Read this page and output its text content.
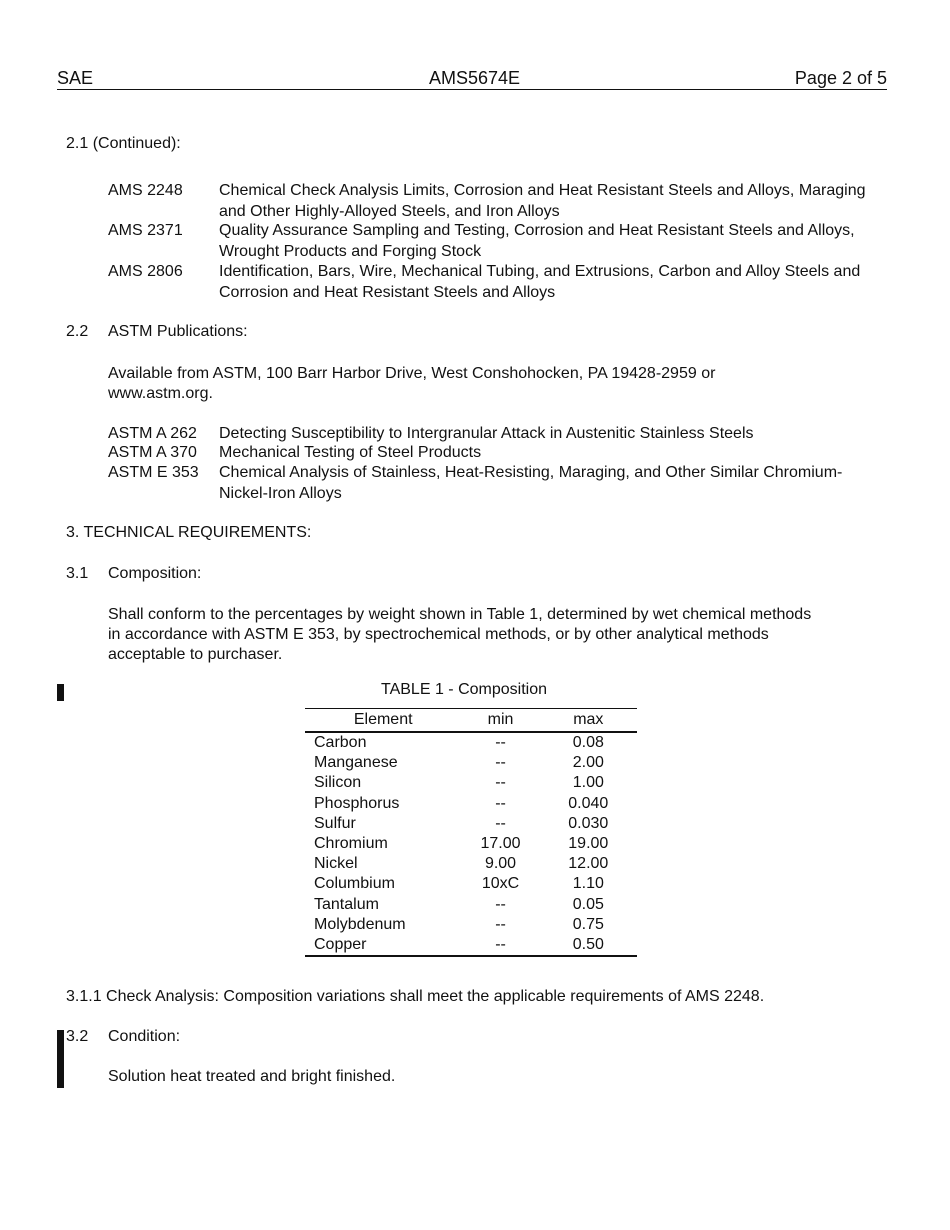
SAE	AMS5674E	Page 2 of 5
2.1 (Continued):
AMS 2248 Chemical Check Analysis Limits, Corrosion and Heat Resistant Steels and Alloys, Maraging and Other Highly-Alloyed Steels, and Iron Alloys
AMS 2371 Quality Assurance Sampling and Testing, Corrosion and Heat Resistant Steels and Alloys, Wrought Products and Forging Stock
AMS 2806 Identification, Bars, Wire, Mechanical Tubing, and Extrusions, Carbon and Alloy Steels and Corrosion and Heat Resistant Steels and Alloys
2.2 ASTM Publications:
Available from ASTM, 100 Barr Harbor Drive, West Conshohocken, PA 19428-2959 or
www.astm.org.
ASTM A 262 Detecting Susceptibility to Intergranular Attack in Austenitic Stainless Steels
ASTM A 370 Mechanical Testing of Steel Products
ASTM E 353 Chemical Analysis of Stainless, Heat-Resisting, Maraging, and Other Similar Chromium-Nickel-Iron Alloys
3. TECHNICAL REQUIREMENTS:
3.1 Composition:
Shall conform to the percentages by weight shown in Table 1, determined by wet chemical methods
in accordance with ASTM E 353, by spectrochemical methods, or by other analytical methods
acceptable to purchaser.
TABLE 1 - Composition
Element	min	max
Carbon	--	0.08
Manganese	--	2.00
Silicon	--	1.00
Phosphorus	--	0.040
Sulfur	--	0.030
Chromium	17.00	19.00
Nickel	9.00	12.00
Columbium	10xC	1.10
Tantalum	--	0.05
Molybdenum	--	0.75
Copper	--	0.50
3.1.1 Check Analysis: Composition variations shall meet the applicable requirements of AMS 2248.
3.2 Condition:
Solution heat treated and bright finished.
